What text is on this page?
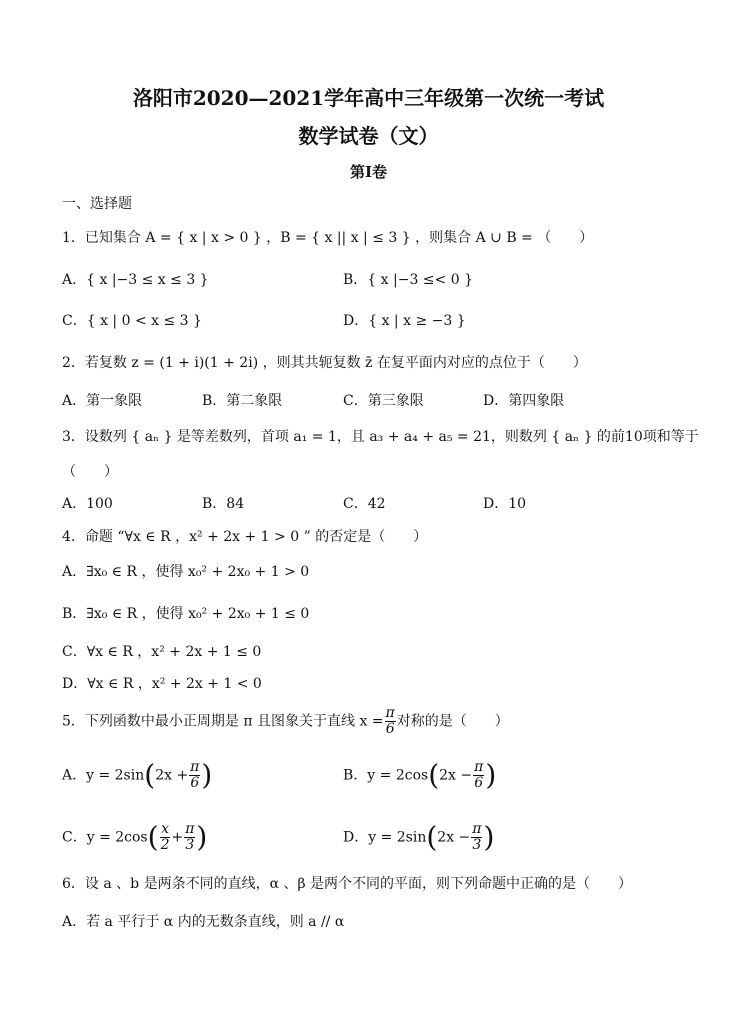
洛阳市2020—2021学年高中三年级第一次统一考试
数学试卷（文）
第Ⅰ卷
一、选择题
1．已知集合 A = { x | x > 0 } ，B = { x || x | ≤ 3 } ，则集合 A ∪ B = （　　）
A．{ x |−3 ≤ x ≤ 3 }	B．{ x |−3 ≤< 0 }
C．{ x | 0 < x ≤ 3 }	D．{ x | x ≥ −3 }
2．若复数 z = (1 + i)(1 + 2i) ，则其共轭复数 z̄ 在复平面内对应的点位于（　　）
A．第一象限	B．第二象限	C．第三象限	D．第四象限
3．设数列 { aₙ } 是等差数列，首项 a₁ = 1，且 a₃ + a₄ + a₅ = 21，则数列 { aₙ } 的前10项和等于
（　　）
A．100	B．84	C．42	D．10
4．命题 “∀x ∈ R ，x² + 2x + 1 > 0 ” 的否定是（　　）
A．∃x₀ ∈ R ，使得 x₀² + 2x₀ + 1 > 0
B．∃x₀ ∈ R ，使得 x₀² + 2x₀ + 1 ≤ 0
C．∀x ∈ R ，x² + 2x + 1 ≤ 0
D．∀x ∈ R ，x² + 2x + 1 < 0
5．下列函数中最小正周期是 π 且图象关于直线 $x = \frac{\pi}{6}$ 对称的是（　　）
A．$y = 2\sin(2x + \frac{\pi}{6}$ )	B．$y = 2\cos(2x - \frac{\pi}{6}$ )
C．$y = 2\cos( \frac{x}{2} + \frac{\pi}{3}$ )	D．$y = 2\sin(2x - \frac{\pi}{3}$ )
6．设 a 、b 是两条不同的直线，α 、β 是两个不同的平面，则下列命题中正确的是（　　）
A．若 a 平行于 α 内的无数条直线，则 a // α
